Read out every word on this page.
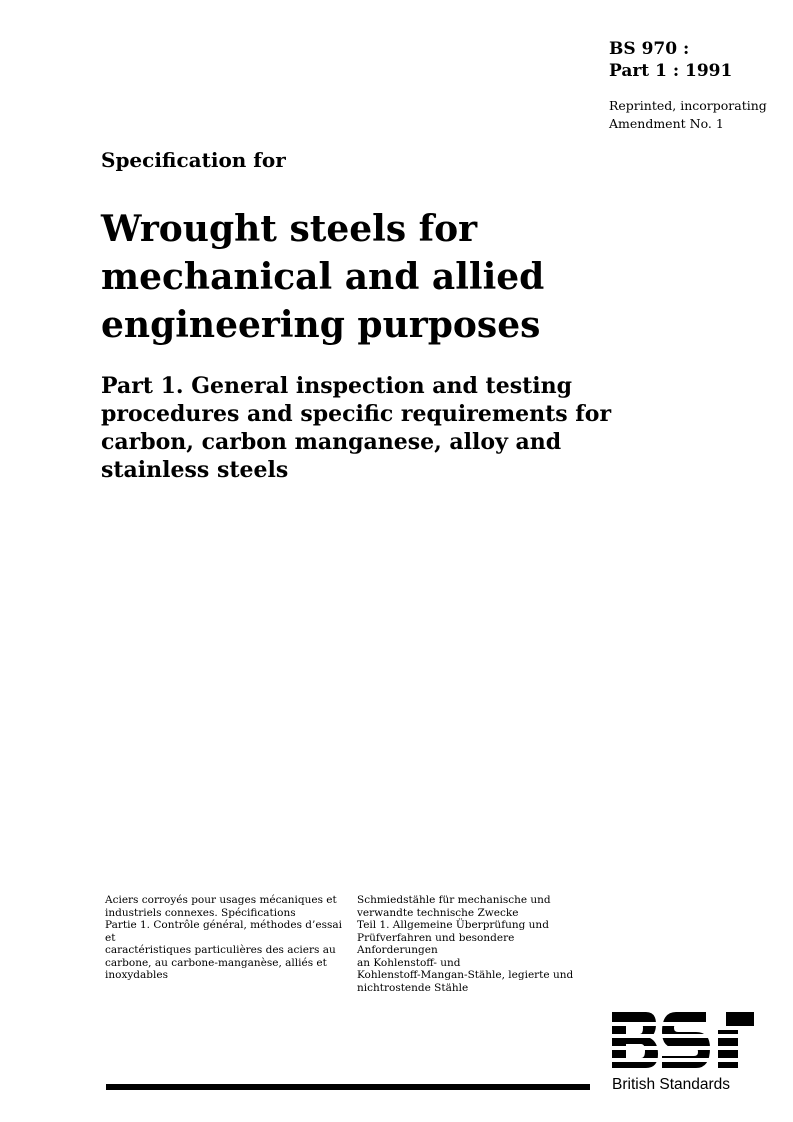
BS 970 :
Part 1 : 1991
Reprinted, incorporating
Amendment No. 1
Specification for
Wrought steels for
mechanical and allied
engineering purposes
Part 1. General inspection and testing
procedures and specific requirements for
carbon, carbon manganese, alloy and
stainless steels
Aciers corroyés pour usages mécaniques et
industriels connexes. Spécifications
Partie 1. Contrôle général, méthodes d’essai et
caractéristiques particulières des aciers au
carbone, au carbone-manganèse, alliés et
inoxydables
Schmiedstähle für mechanische und
verwandte technische Zwecke
Teil 1. Allgemeine Überprüfung und
Prüfverfahren und besondere Anforderungen
an Kohlenstoff- und
Kohlenstoff-Mangan-Stähle, legierte und
nichtrostende Stähle
British Standards
